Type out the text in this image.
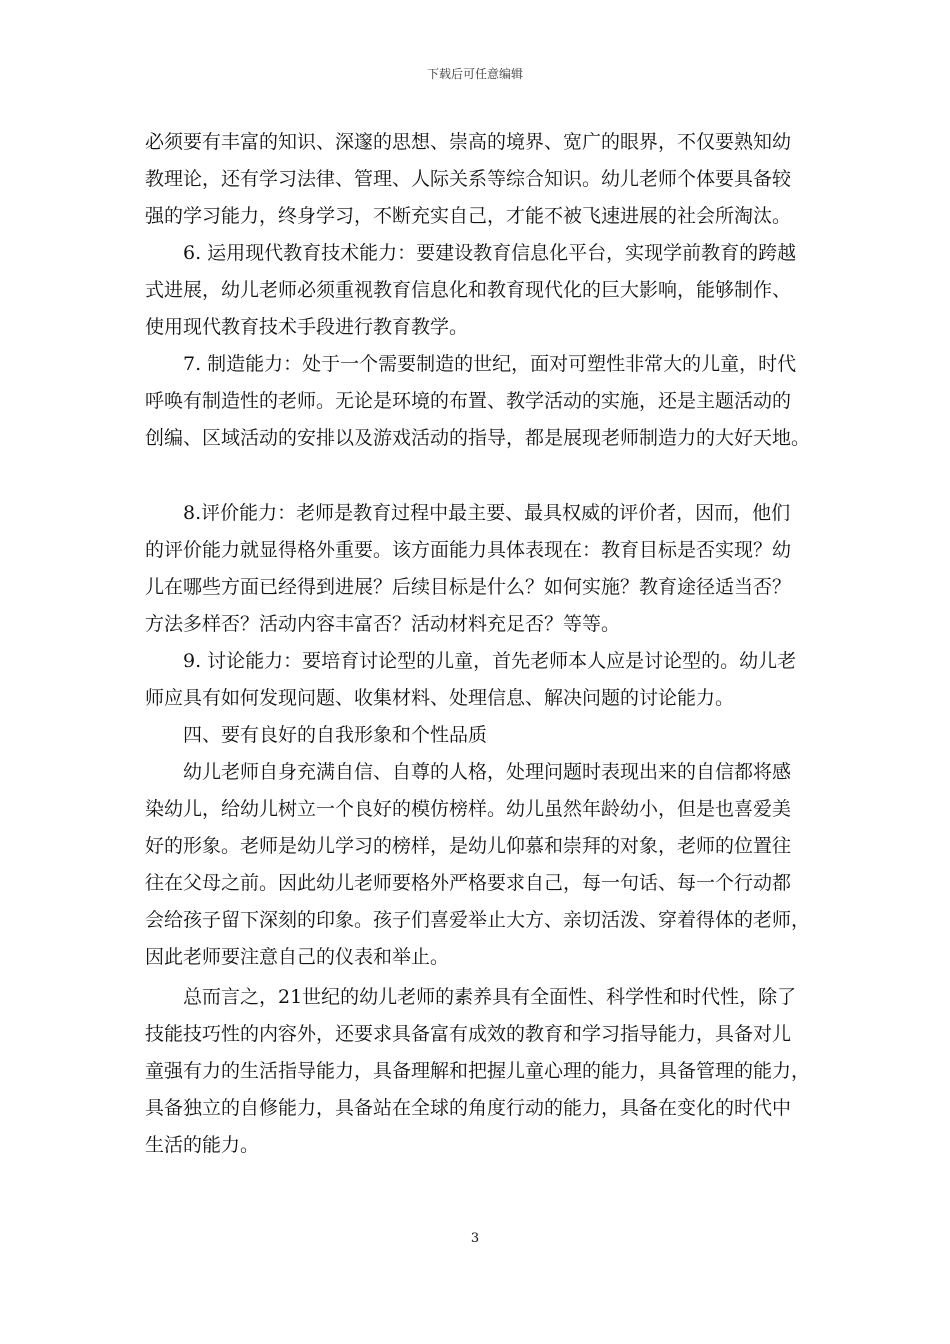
下载后可任意编辑
必须要有丰富的知识、深邃的思想、崇高的境界、宽广的眼界，不仅要熟知幼
教理论，还有学习法律、管理、人际关系等综合知识。幼儿老师个体要具备较
强的学习能力，终身学习，不断充实自己，才能不被飞速进展的社会所淘汰。
6. 运用现代教育技术能力：要建设教育信息化平台，实现学前教育的跨越
式进展，幼儿老师必须重视教育信息化和教育现代化的巨大影响，能够制作、
使用现代教育技术手段进行教育教学。
7. 制造能力：处于一个需要制造的世纪，面对可塑性非常大的儿童，时代
呼唤有制造性的老师。无论是环境的布置、教学活动的实施，还是主题活动的
创编、区域活动的安排以及游戏活动的指导，都是展现老师制造力的大好天地。
8.评价能力：老师是教育过程中最主要、最具权威的评价者，因而，他们
的评价能力就显得格外重要。该方面能力具体表现在：教育目标是否实现？幼
儿在哪些方面已经得到进展？后续目标是什么？如何实施？教育途径适当否？
方法多样否？活动内容丰富否？活动材料充足否？等等。
9. 讨论能力：要培育讨论型的儿童，首先老师本人应是讨论型的。幼儿老
师应具有如何发现问题、收集材料、处理信息、解决问题的讨论能力。
四、要有良好的自我形象和个性品质
幼儿老师自身充满自信、自尊的人格，处理问题时表现出来的自信都将感
染幼儿，给幼儿树立一个良好的模仿榜样。幼儿虽然年龄幼小，但是也喜爱美
好的形象。老师是幼儿学习的榜样，是幼儿仰慕和崇拜的对象，老师的位置往
往在父母之前。因此幼儿老师要格外严格要求自己，每一句话、每一个行动都
会给孩子留下深刻的印象。孩子们喜爱举止大方、亲切活泼、穿着得体的老师，
因此老师要注意自己的仪表和举止。
总而言之，21世纪的幼儿老师的素养具有全面性、科学性和时代性，除了
技能技巧性的内容外，还要求具备富有成效的教育和学习指导能力，具备对儿
童强有力的生活指导能力，具备理解和把握儿童心理的能力，具备管理的能力，
具备独立的自修能力，具备站在全球的角度行动的能力，具备在变化的时代中
生活的能力。
3
